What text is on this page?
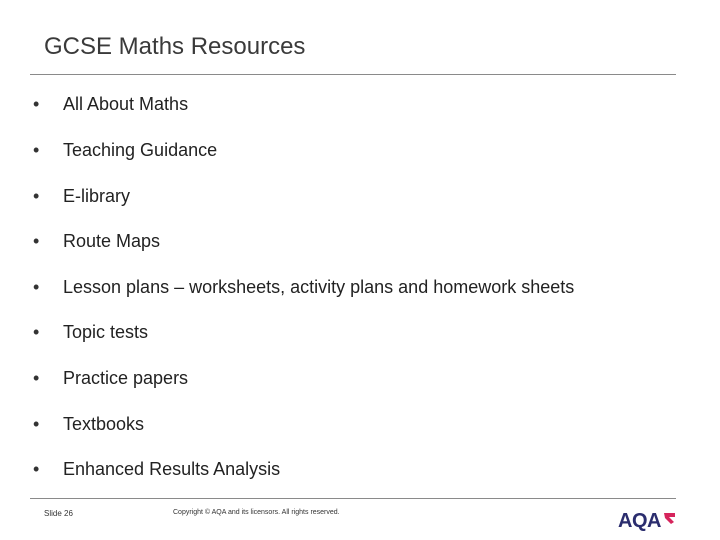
GCSE Maths Resources
• All About Maths
• Teaching Guidance
• E-library
• Route Maps
• Lesson plans – worksheets, activity plans and homework sheets
• Topic tests
• Practice papers
• Textbooks
• Enhanced Results Analysis
Slide 26	Copyright © AQA and its licensors. All rights reserved.	AQA
